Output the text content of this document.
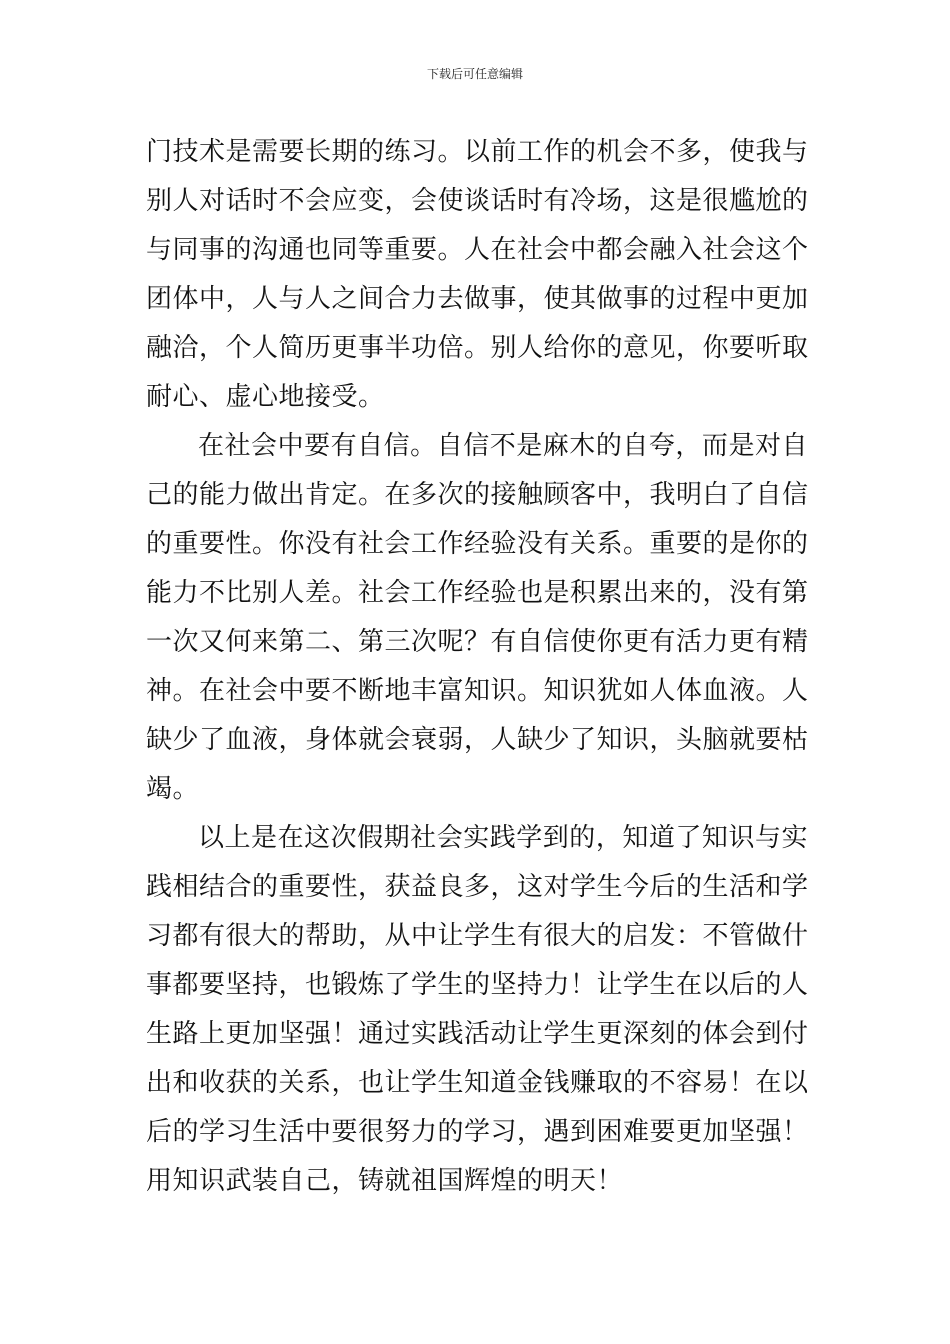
下载后可任意编辑
门技术是需要长期的练习。以前工作的机会不多，使我与
别人对话时不会应变，会使谈话时有冷场，这是很尴尬的
与同事的沟通也同等重要。人在社会中都会融入社会这个
团体中，人与人之间合力去做事，使其做事的过程中更加
融洽，个人简历更事半功倍。别人给你的意见，你要听取
耐心、虚心地接受。
在社会中要有自信。自信不是麻木的自夸，而是对自
己的能力做出肯定。在多次的接触顾客中，我明白了自信
的重要性。你没有社会工作经验没有关系。重要的是你的
能力不比别人差。社会工作经验也是积累出来的，没有第
一次又何来第二、第三次呢？有自信使你更有活力更有精
神。在社会中要不断地丰富知识。知识犹如人体血液。人
缺少了血液，身体就会衰弱，人缺少了知识，头脑就要枯
竭。
以上是在这次假期社会实践学到的，知道了知识与实
践相结合的重要性，获益良多，这对学生今后的生活和学
习都有很大的帮助，从中让学生有很大的启发：不管做什
事都要坚持，也锻炼了学生的坚持力！让学生在以后的人
生路上更加坚强！通过实践活动让学生更深刻的体会到付
出和收获的关系，也让学生知道金钱赚取的不容易！在以
后的学习生活中要很努力的学习，遇到困难要更加坚强！
用知识武装自己，铸就祖国辉煌的明天！
